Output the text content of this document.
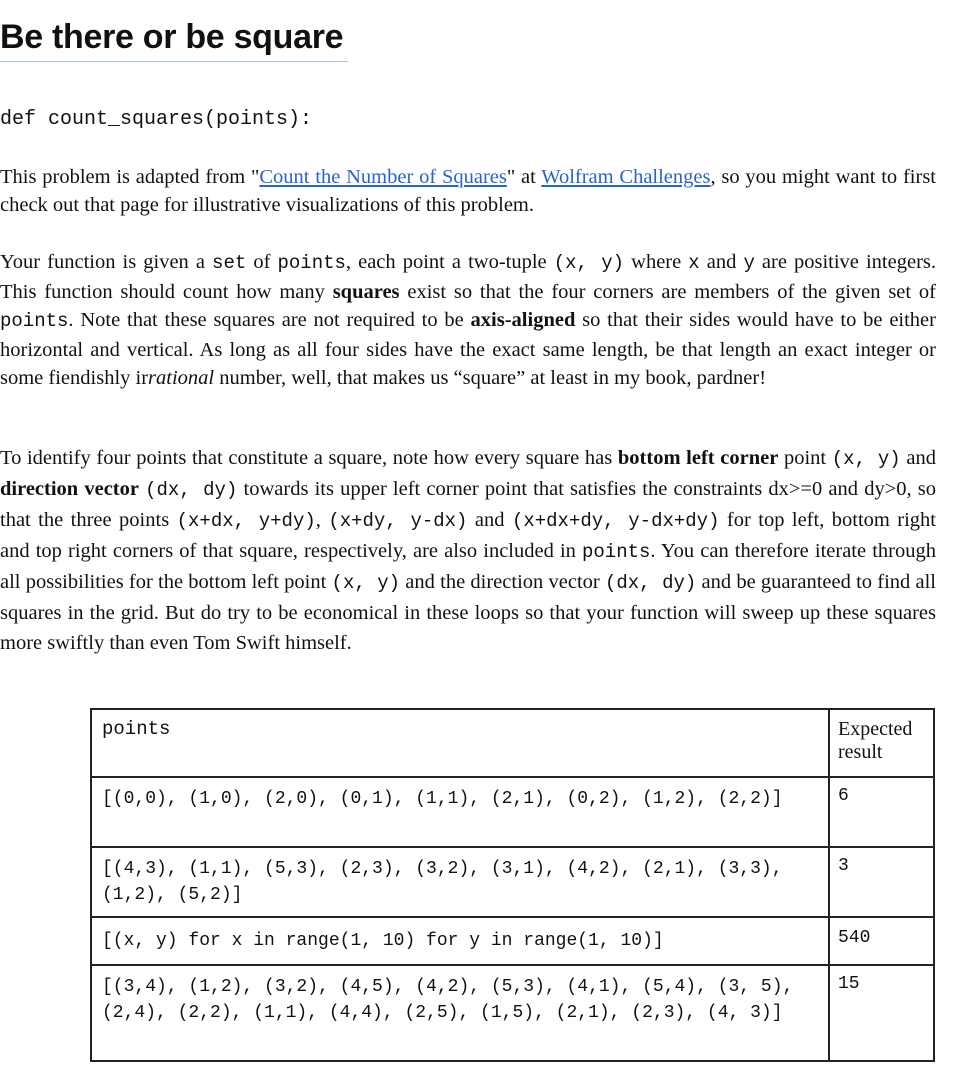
Be there or be square
def count_squares(points):

This problem is adapted from "Count the Number of Squares" at Wolfram Challenges, so you might want to first check out that page for illustrative visualizations of this problem.

Your function is given a set of points, each point a two-tuple (x, y) where x and y are positive integers. This function should count how many squares exist so that the four corners are members of the given set of points. Note that these squares are not required to be axis-aligned so that their sides would have to be either horizontal and vertical. As long as all four sides have the exact same length, be that length an exact integer or some fiendishly irrational number, well, that makes us “square” at least in my book, pardner!

To identify four points that constitute a square, note how every square has bottom left corner point (x, y) and direction vector (dx, dy) towards its upper left corner point that satisfies the constraints dx>=0 and dy>0, so that the three points (x+dx, y+dy), (x+dy, y-dx) and (x+dx+dy, y-dx+dy) for top left, bottom right and top right corners of that square, respectively, are also included in points. You can therefore iterate through all possibilities for the bottom left point (x, y) and the direction vector (dx, dy) and be guaranteed to find all squares in the grid. But do try to be economical in these loops so that your function will sweep up these squares more swiftly than even Tom Swift himself.

points	Expected result
[(0,0), (1,0), (2,0), (0,1), (1,1), (2,1), (0,2), (1,2), (2,2)]	6
[(4,3), (1,1), (5,3), (2,3), (3,2), (3,1), (4,2), (2,1), (3,3), (1,2), (5,2)]	3
[(x, y) for x in range(1, 10) for y in range(1, 10)]	540
[(3,4), (1,2), (3,2), (4,5), (4,2), (5,3), (4,1), (5,4), (3, 5), (2,4), (2,2), (1,1), (4,4), (2,5), (1,5), (2,1), (2,3), (4, 3)]	15
